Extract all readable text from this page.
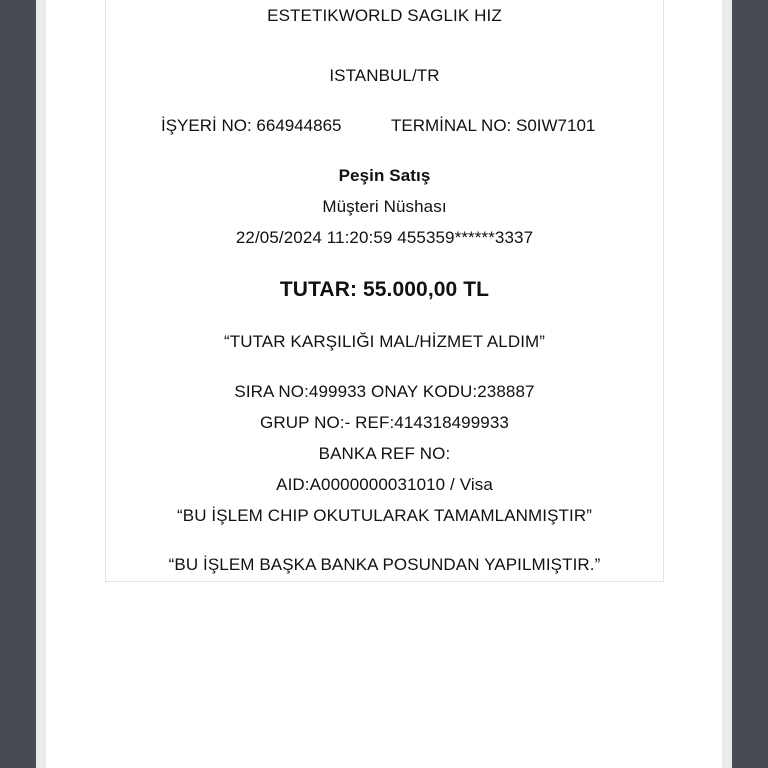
ESTETIKWORLD SAGLIK HIZ
ISTANBUL/TR
İŞYERİ NO: 664944865	TERMİNAL NO: S0IW7101
Peşin Satış
Müşteri Nüshası
22/05/2024 11:20:59 455359******3337
TUTAR: 55.000,00 TL
“TUTAR KARŞILIĞI MAL/HİZMET ALDIM”
SIRA NO:499933 ONAY KODU:238887
GRUP NO:- REF:414318499933
BANKA REF NO:
AID:A0000000031010 / Visa
“BU İŞLEM CHIP OKUTULARAK TAMAMLANMIŞTIR”
“BU İŞLEM BAŞKA BANKA POSUNDAN YAPILMIŞTIR.”
